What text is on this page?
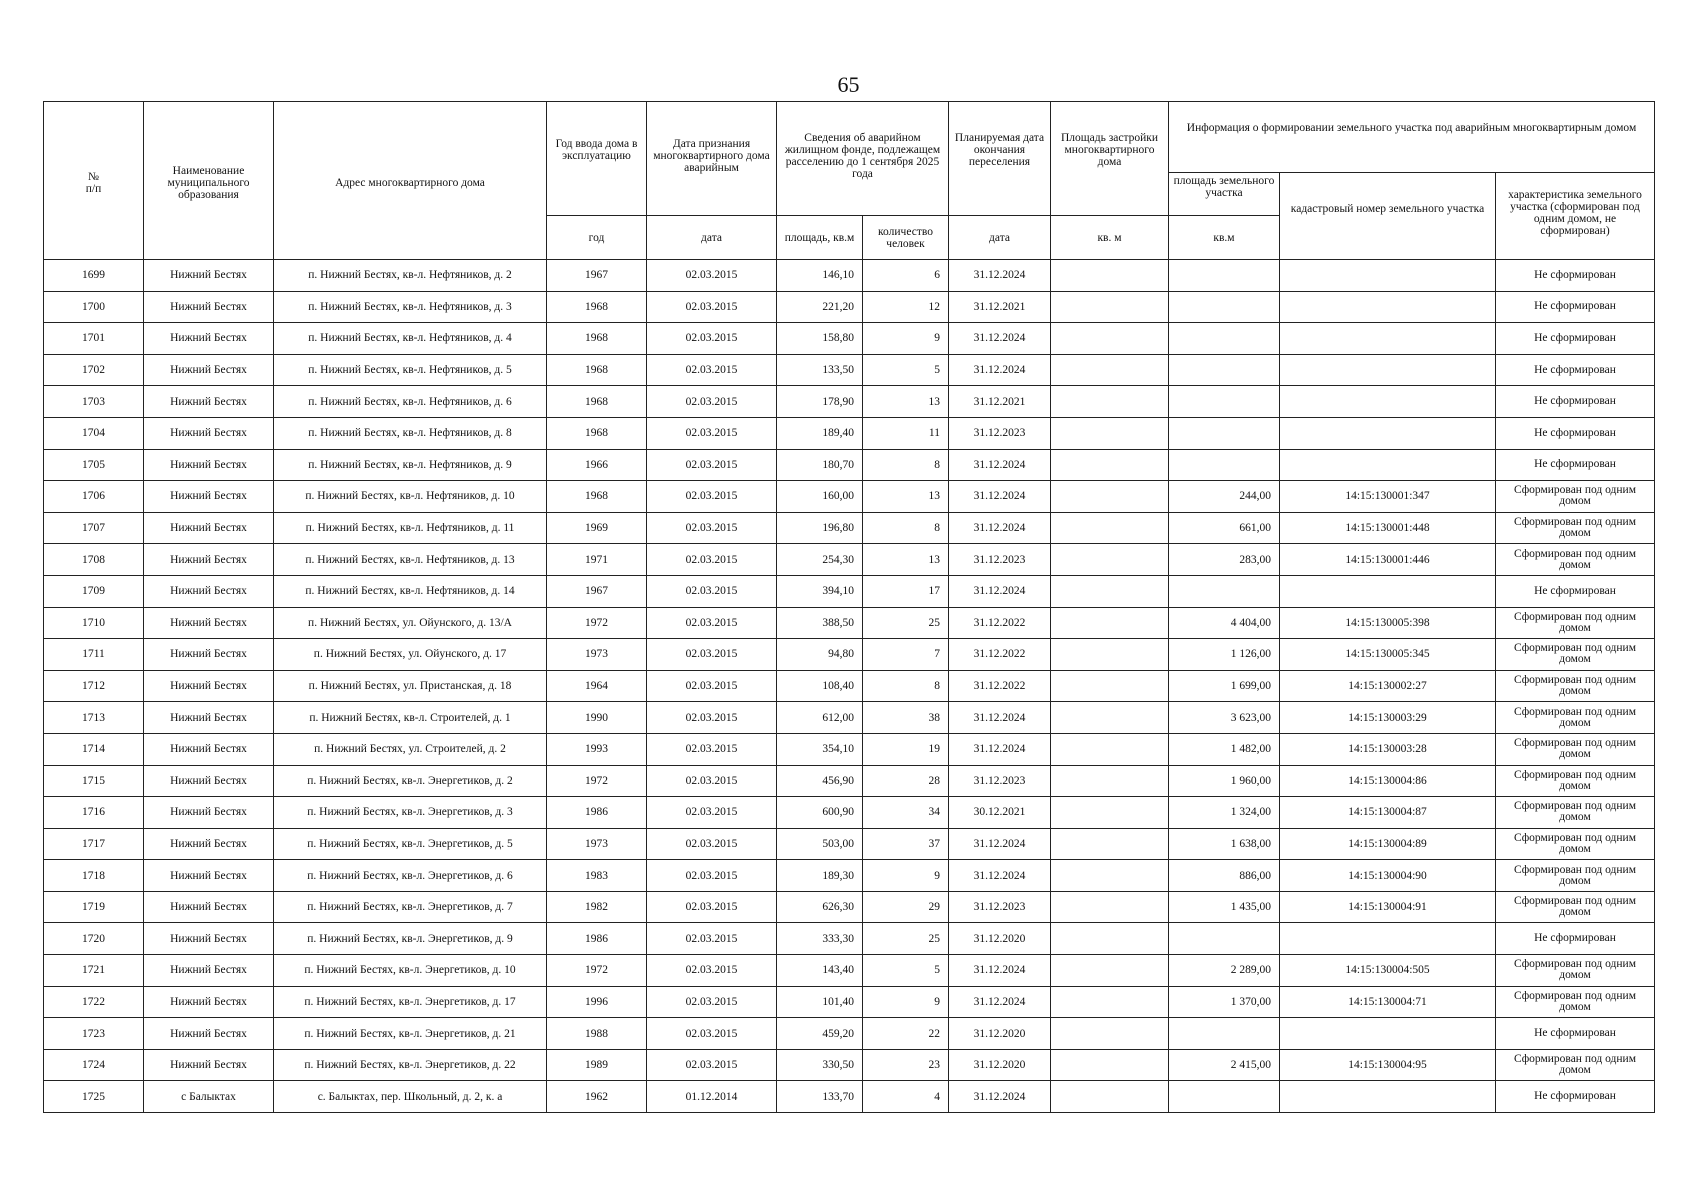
65
№
п/п	Наименование муниципального образования	Адрес многоквартирного дома	Год ввода дома в эксплуатацию	Дата признания многоквартирного дома аварийным	Сведения об аварийном жилищном фонде, подлежащем расселению до 1 сентября 2025 года		Планируемая дата окончания переселения	Площадь застройки многоквартирного дома	Информация о формировании земельного участка под аварийным многоквартирным домом		
									площадь земельного участка	кадастровый номер земельного участка	характеристика земельного участка (сформирован под одним домом, не сформирован)
			год	дата	площадь, кв.м	количество человек	дата	кв. м	кв.м		
1699	Нижний Бестях	п. Нижний Бестях, кв-л. Нефтяников, д. 2	1967	02.03.2015	146,10	6	31.12.2024				Не сформирован
1700	Нижний Бестях	п. Нижний Бестях, кв-л. Нефтяников, д. 3	1968	02.03.2015	221,20	12	31.12.2021				Не сформирован
1701	Нижний Бестях	п. Нижний Бестях, кв-л. Нефтяников, д. 4	1968	02.03.2015	158,80	9	31.12.2024				Не сформирован
1702	Нижний Бестях	п. Нижний Бестях, кв-л. Нефтяников, д. 5	1968	02.03.2015	133,50	5	31.12.2024				Не сформирован
1703	Нижний Бестях	п. Нижний Бестях, кв-л. Нефтяников, д. 6	1968	02.03.2015	178,90	13	31.12.2021				Не сформирован
1704	Нижний Бестях	п. Нижний Бестях, кв-л. Нефтяников, д. 8	1968	02.03.2015	189,40	11	31.12.2023				Не сформирован
1705	Нижний Бестях	п. Нижний Бестях, кв-л. Нефтяников, д. 9	1966	02.03.2015	180,70	8	31.12.2024				Не сформирован
1706	Нижний Бестях	п. Нижний Бестях, кв-л. Нефтяников, д. 10	1968	02.03.2015	160,00	13	31.12.2024		244,00	14:15:130001:347	Сформирован под одним домом
1707	Нижний Бестях	п. Нижний Бестях, кв-л. Нефтяников, д. 11	1969	02.03.2015	196,80	8	31.12.2024		661,00	14:15:130001:448	Сформирован под одним домом
1708	Нижний Бестях	п. Нижний Бестях, кв-л. Нефтяников, д. 13	1971	02.03.2015	254,30	13	31.12.2023		283,00	14:15:130001:446	Сформирован под одним домом
1709	Нижний Бестях	п. Нижний Бестях, кв-л. Нефтяников, д. 14	1967	02.03.2015	394,10	17	31.12.2024				Не сформирован
1710	Нижний Бестях	п. Нижний Бестях, ул. Ойунского, д. 13/А	1972	02.03.2015	388,50	25	31.12.2022		4 404,00	14:15:130005:398	Сформирован под одним домом
1711	Нижний Бестях	п. Нижний Бестях, ул. Ойунского, д. 17	1973	02.03.2015	94,80	7	31.12.2022		1 126,00	14:15:130005:345	Сформирован под одним домом
1712	Нижний Бестях	п. Нижний Бестях, ул. Пристанская, д. 18	1964	02.03.2015	108,40	8	31.12.2022		1 699,00	14:15:130002:27	Сформирован под одним домом
1713	Нижний Бестях	п. Нижний Бестях, кв-л. Строителей, д. 1	1990	02.03.2015	612,00	38	31.12.2024		3 623,00	14:15:130003:29	Сформирован под одним домом
1714	Нижний Бестях	п. Нижний Бестях, ул. Строителей, д. 2	1993	02.03.2015	354,10	19	31.12.2024		1 482,00	14:15:130003:28	Сформирован под одним домом
1715	Нижний Бестях	п. Нижний Бестях, кв-л. Энергетиков, д. 2	1972	02.03.2015	456,90	28	31.12.2023		1 960,00	14:15:130004:86	Сформирован под одним домом
1716	Нижний Бестях	п. Нижний Бестях, кв-л. Энергетиков, д. 3	1986	02.03.2015	600,90	34	30.12.2021		1 324,00	14:15:130004:87	Сформирован под одним домом
1717	Нижний Бестях	п. Нижний Бестях, кв-л. Энергетиков, д. 5	1973	02.03.2015	503,00	37	31.12.2024		1 638,00	14:15:130004:89	Сформирован под одним домом
1718	Нижний Бестях	п. Нижний Бестях, кв-л. Энергетиков, д. 6	1983	02.03.2015	189,30	9	31.12.2024		886,00	14:15:130004:90	Сформирован под одним домом
1719	Нижний Бестях	п. Нижний Бестях, кв-л. Энергетиков, д. 7	1982	02.03.2015	626,30	29	31.12.2023		1 435,00	14:15:130004:91	Сформирован под одним домом
1720	Нижний Бестях	п. Нижний Бестях, кв-л. Энергетиков, д. 9	1986	02.03.2015	333,30	25	31.12.2020				Не сформирован
1721	Нижний Бестях	п. Нижний Бестях, кв-л. Энергетиков, д. 10	1972	02.03.2015	143,40	5	31.12.2024		2 289,00	14:15:130004:505	Сформирован под одним домом
1722	Нижний Бестях	п. Нижний Бестях, кв-л. Энергетиков, д. 17	1996	02.03.2015	101,40	9	31.12.2024		1 370,00	14:15:130004:71	Сформирован под одним домом
1723	Нижний Бестях	п. Нижний Бестях, кв-л. Энергетиков, д. 21	1988	02.03.2015	459,20	22	31.12.2020				Не сформирован
1724	Нижний Бестях	п. Нижний Бестях, кв-л. Энергетиков, д. 22	1989	02.03.2015	330,50	23	31.12.2020		2 415,00	14:15:130004:95	Сформирован под одним домом
1725	с Балыктах	с. Балыктах, пер. Школьный, д. 2, к. а	1962	01.12.2014	133,70	4	31.12.2024				Не сформирован
